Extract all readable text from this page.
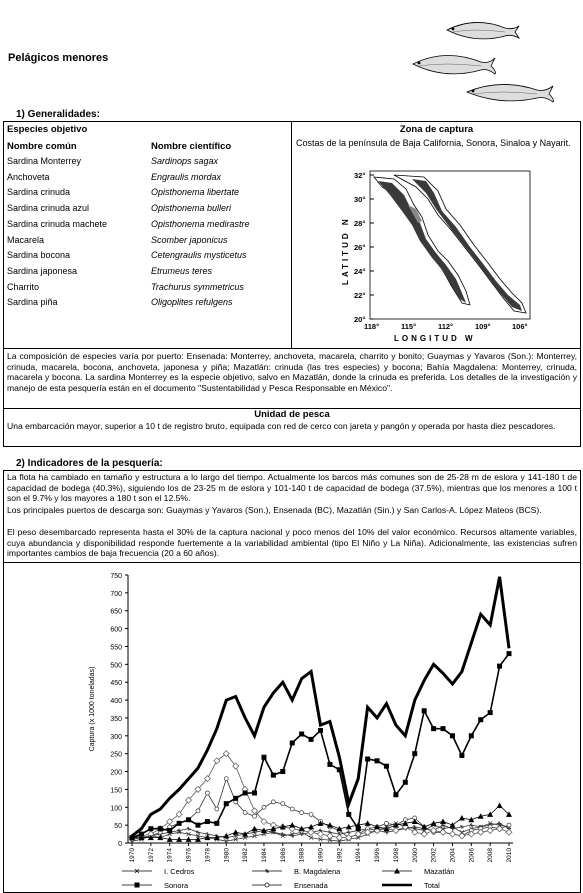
Pelágicos menores
1) Generalidades:
Especies objetivo
Nombre común	Nombre científico
Sardina Monterrey	Sardinops sagax
Anchoveta	Engraulis mordax
Sardina crinuda	Opisthonema libertate
Sardina crinuda azul	Opisthonema bulleri
Sardina crinuda machete	Opisthonema medirastre
Macarela	Scomber japonicus
Sardina bocona	Cetengraulis mysticetus
Sardina japonesa	Etrumeus teres
Charrito	Trachurus symmetricus
Sardina piña	Oligoplites refulgens
Zona de captura
Costas de la península de Baja California, Sonora, Sinaloa y Nayarit.
LATITUD N
LONGITUD W
32°
30°
28°
26°
24°
22°
20°
118°	115°	112°	109°	106°
La composición de especies varía por puerto: Ensenada: Monterrey, anchoveta, macarela, charrito y bonito; Guaymas y Yavaros (Son.): Monterrey, crinuda, macarela, bocona, anchoveta, japonesa y piña; Mazatlán: crinuda (las tres especies) y bocona; Bahía Magdalena: Monterrey, crinuda, macarela y bocona. La sardina Monterrey es la especie objetivo, salvo en Mazatlán, donde la crinuda es preferida. Los detalles de la investigación y manejo de esta pesquería están en el documento "Sustentabilidad y Pesca Responsable en México".
Unidad de pesca
Una embarcación mayor, superior a 10 t de registro bruto, equipada con red de cerco con jareta y pangón y operada por hasta diez pescadores.
2) Indicadores de la pesquería:
La flota ha cambiado en tamaño y estructura a lo largo del tiempo. Actualmente los barcos más comunes son de 25-28 m de eslora y 141-180 t de capacidad de bodega (40.3%), siguiendo los de 23-25 m de eslora y 101-140 t de capacidad de bodega (37.5%), mientras que los menores a 100 t son el 9.7% y los mayores a 180 t son el 12.5%.
Los principales puertos de descarga son: Guaymas y Yavaros (Son.), Ensenada (BC), Mazatlán (Sin.) y San Carlos-A. López Mateos (BCS).
El peso desembarcado representa hasta el 30% de la captura nacional y poco menos del 10% del valor económico. Recursos altamente variables, cuya abundancia y disponibilidad responde fuertemente a la variabilidad ambiental (tipo El Niño y La Niña). Adicionalmente, las existencias sufren importantes cambios de baja frecuencia (20 a 60 años).
0
50
100
150
200
250
300
350
400
450
500
550
600
650
700
750
Captura (x 1000 toneladas)
1970 1972 1974 1976 1978 1980 1982 1984 1986 1988 1990 1992 1994 1996 1998 2000 2002 2004 2006 2008 2010
I. Cedros	B. Magdalena	Mazatlán
Sonora	Ensenada	Total
